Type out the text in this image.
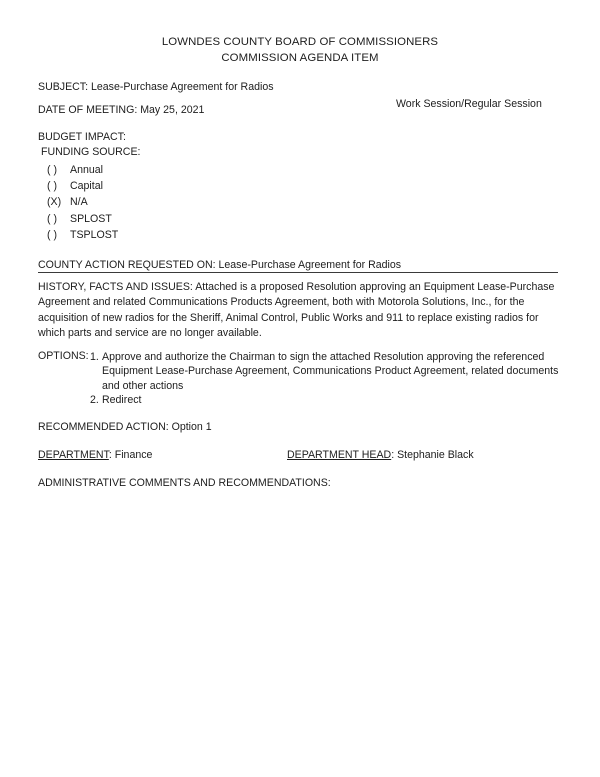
LOWNDES COUNTY BOARD OF COMMISSIONERS
COMMISSION AGENDA ITEM
SUBJECT: Lease-Purchase Agreement for Radios
DATE OF MEETING: May 25, 2021	Work Session/Regular Session
BUDGET IMPACT:
FUNDING SOURCE:
( )	Annual
( )	Capital
(X) N/A
( )	SPLOST
( )	TSPLOST
COUNTY ACTION REQUESTED ON: Lease-Purchase Agreement for Radios
HISTORY, FACTS AND ISSUES: Attached is a proposed Resolution approving an Equipment Lease-Purchase Agreement and related Communications Products Agreement, both with Motorola Solutions, Inc., for the acquisition of new radios for the Sheriff, Animal Control, Public Works and 911 to replace existing radios for which parts and service are no longer available.
OPTIONS: 1. Approve and authorize the Chairman to sign the attached Resolution approving the referenced Equipment Lease-Purchase Agreement, Communications Product Agreement, related documents and other actions
2. Redirect
RECOMMENDED ACTION: Option 1
DEPARTMENT: Finance	DEPARTMENT HEAD: Stephanie Black
ADMINISTRATIVE COMMENTS AND RECOMMENDATIONS:
